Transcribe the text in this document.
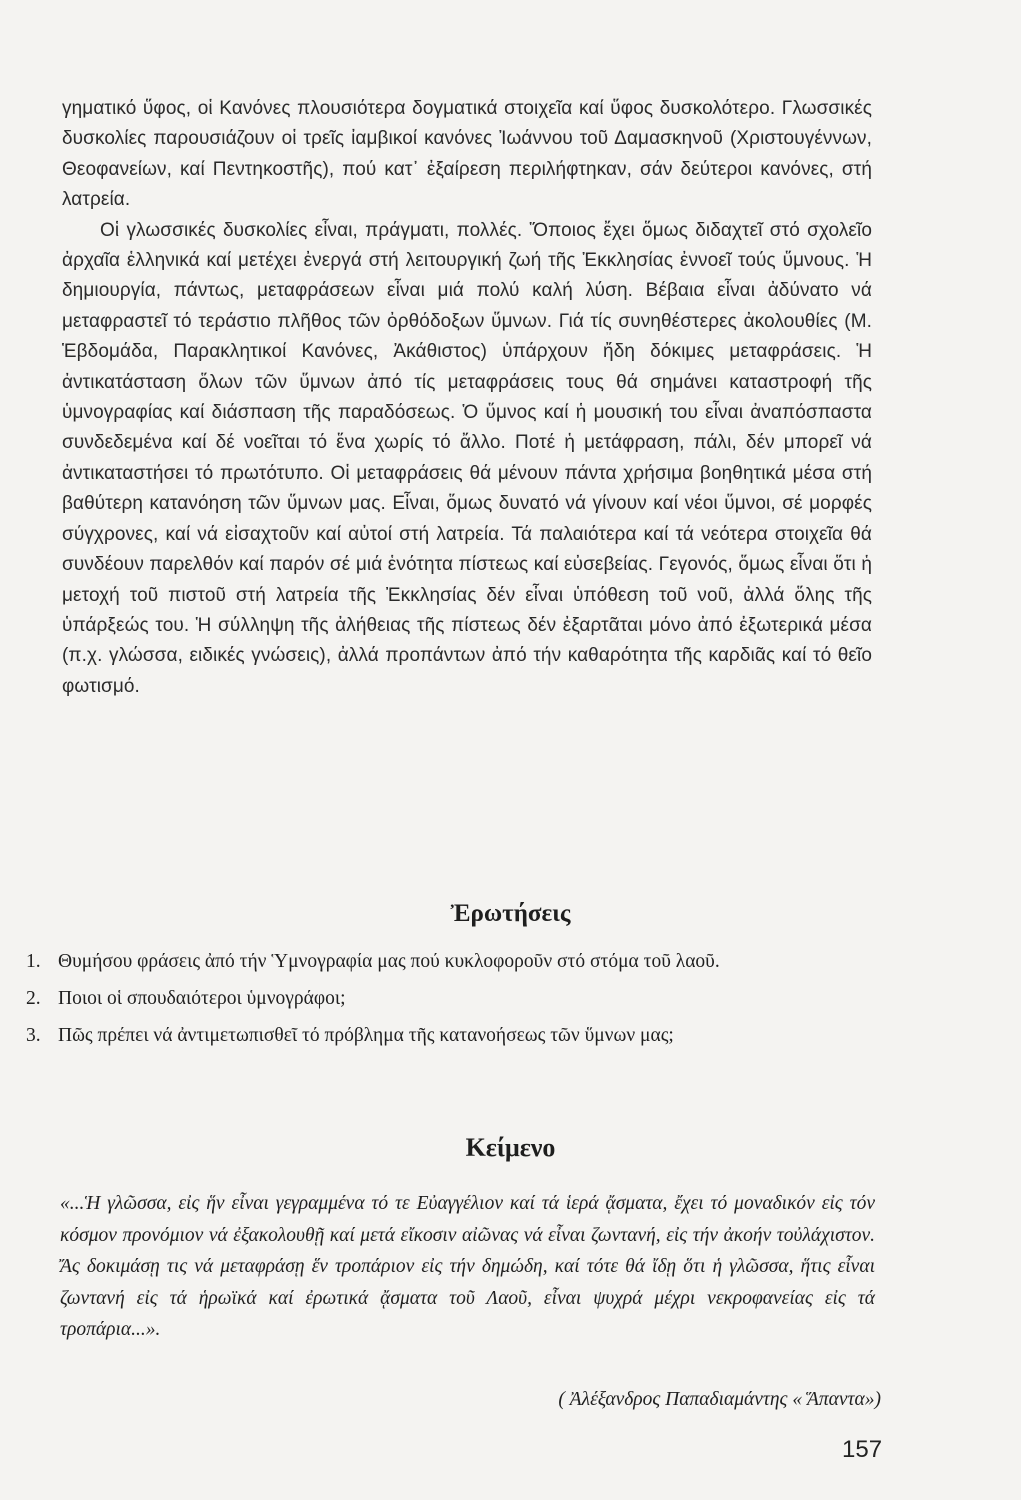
γηματικό ὕφος, οἱ Κανόνες πλουσιότερα δογματικά στοιχεῖα καί ὕφος δυσκολότερο. Γλωσσικές δυσκολίες παρουσιάζουν οἱ τρεῖς ἰαμβικοί κανόνες Ἰωάννου τοῦ Δαμασκηνοῦ (Χριστουγέννων, Θεοφανείων, καί Πεντηκοστῆς), πού κατ᾿ ἐξαίρεση περιλήφτηκαν, σάν δεύτεροι κανόνες, στή λατρεία.

Οἱ γλωσσικές δυσκολίες εἶναι, πράγματι, πολλές. Ὅποιος ἔχει ὅμως διδαχτεῖ στό σχολεῖο ἀρχαῖα ἑλληνικά καί μετέχει ἐνεργά στή λειτουργική ζωή τῆς Ἐκκλησίας ἐννοεῖ τούς ὕμνους. Ἡ δημιουργία, πάντως, μεταφράσεων εἶναι μιά πολύ καλή λύση. Βέβαια εἶναι ἀδύνατο νά μεταφραστεῖ τό τεράστιο πλῆθος τῶν ὀρθόδοξων ὕμνων. Γιά τίς συνηθέστερες ἀκολουθίες (Μ. Ἑβδομάδα, Παρακλητικοί Κανόνες, Ἀκάθιστος) ὑπάρχουν ἤδη δόκιμες μεταφράσεις. Ἡ ἀντικατάσταση ὅλων τῶν ὕμνων ἀπό τίς μεταφράσεις τους θά σημάνει καταστροφή τῆς ὑμνογραφίας καί διάσπαση τῆς παραδόσεως. Ὁ ὕμνος καί ἡ μουσική του εἶναι ἀναπόσπαστα συνδεδεμένα καί δέ νοεῖται τό ἕνα χωρίς τό ἄλλο. Ποτέ ἡ μετάφραση, πάλι, δέν μπορεῖ νά ἀντικαταστήσει τό πρωτότυπο. Οἱ μεταφράσεις θά μένουν πάντα χρήσιμα βοηθητικά μέσα στή βαθύτερη κατανόηση τῶν ὕμνων μας. Εἶναι, ὅμως δυνατό νά γίνουν καί νέοι ὕμνοι, σέ μορφές σύγχρονες, καί νά εἰσαχτοῦν καί αὐτοί στή λατρεία. Τά παλαιότερα καί τά νεότερα στοιχεῖα θά συνδέουν παρελθόν καί παρόν σέ μιά ἑνότητα πίστεως καί εὐσεβείας. Γεγονός, ὅμως εἶναι ὅτι ἡ μετοχή τοῦ πιστοῦ στή λατρεία τῆς Ἐκκλησίας δέν εἶναι ὑπόθεση τοῦ νοῦ, ἀλλά ὅλης τῆς ὑπάρξεώς του. Ἡ σύλληψη τῆς ἀλήθειας τῆς πίστεως δέν ἐξαρτᾶται μόνο ἀπό ἐξωτερικά μέσα (π.χ. γλώσσα, ειδικές γνώσεις), ἀλλά προπάντων ἀπό τήν καθαρότητα τῆς καρδιᾶς καί τό θεῖο φωτισμό.

Ἐρωτήσεις
1. Θυμήσου φράσεις ἀπό τήν Ὑμνογραφία μας πού κυκλοφοροῦν στό στόμα τοῦ λαοῦ.
2. Ποιοι οἱ σπουδαιότεροι ὑμνογράφοι;
3. Πῶς πρέπει νά ἀντιμετωπισθεῖ τό πρόβλημα τῆς κατανοήσεως τῶν ὕμνων μας;
Κείμενο
«...Ἡ γλῶσσα, εἰς ἥν εἶναι γεγραμμένα τό τε Εὐαγγέλιον καί τά ἱερά ᾄσματα, ἔχει τό μοναδικόν εἰς τόν κόσμον προνόμιον νά ἐξακολουθῇ καί μετά εἴκοσιν αἰῶνας νά εἶναι ζωντανή, εἰς τήν ἀκοήν τοὐλάχιστον. Ἄς δοκιμάσῃ τις νά μεταφράσῃ ἕν τροπάριον εἰς τήν δημώδη, καί τότε θά ἴδῃ ὅτι ἡ γλῶσσα, ἥτις εἶναι ζωντανή εἰς τά ἡρωϊκά καί ἐρωτικά ᾄσματα τοῦ Λαοῦ, εἶναι ψυχρά μέχρι νεκροφανείας εἰς τά τροπάρια...».
( Ἀλέξανδρος Παπαδιαμάντης « Ἅπαντα»)
157
